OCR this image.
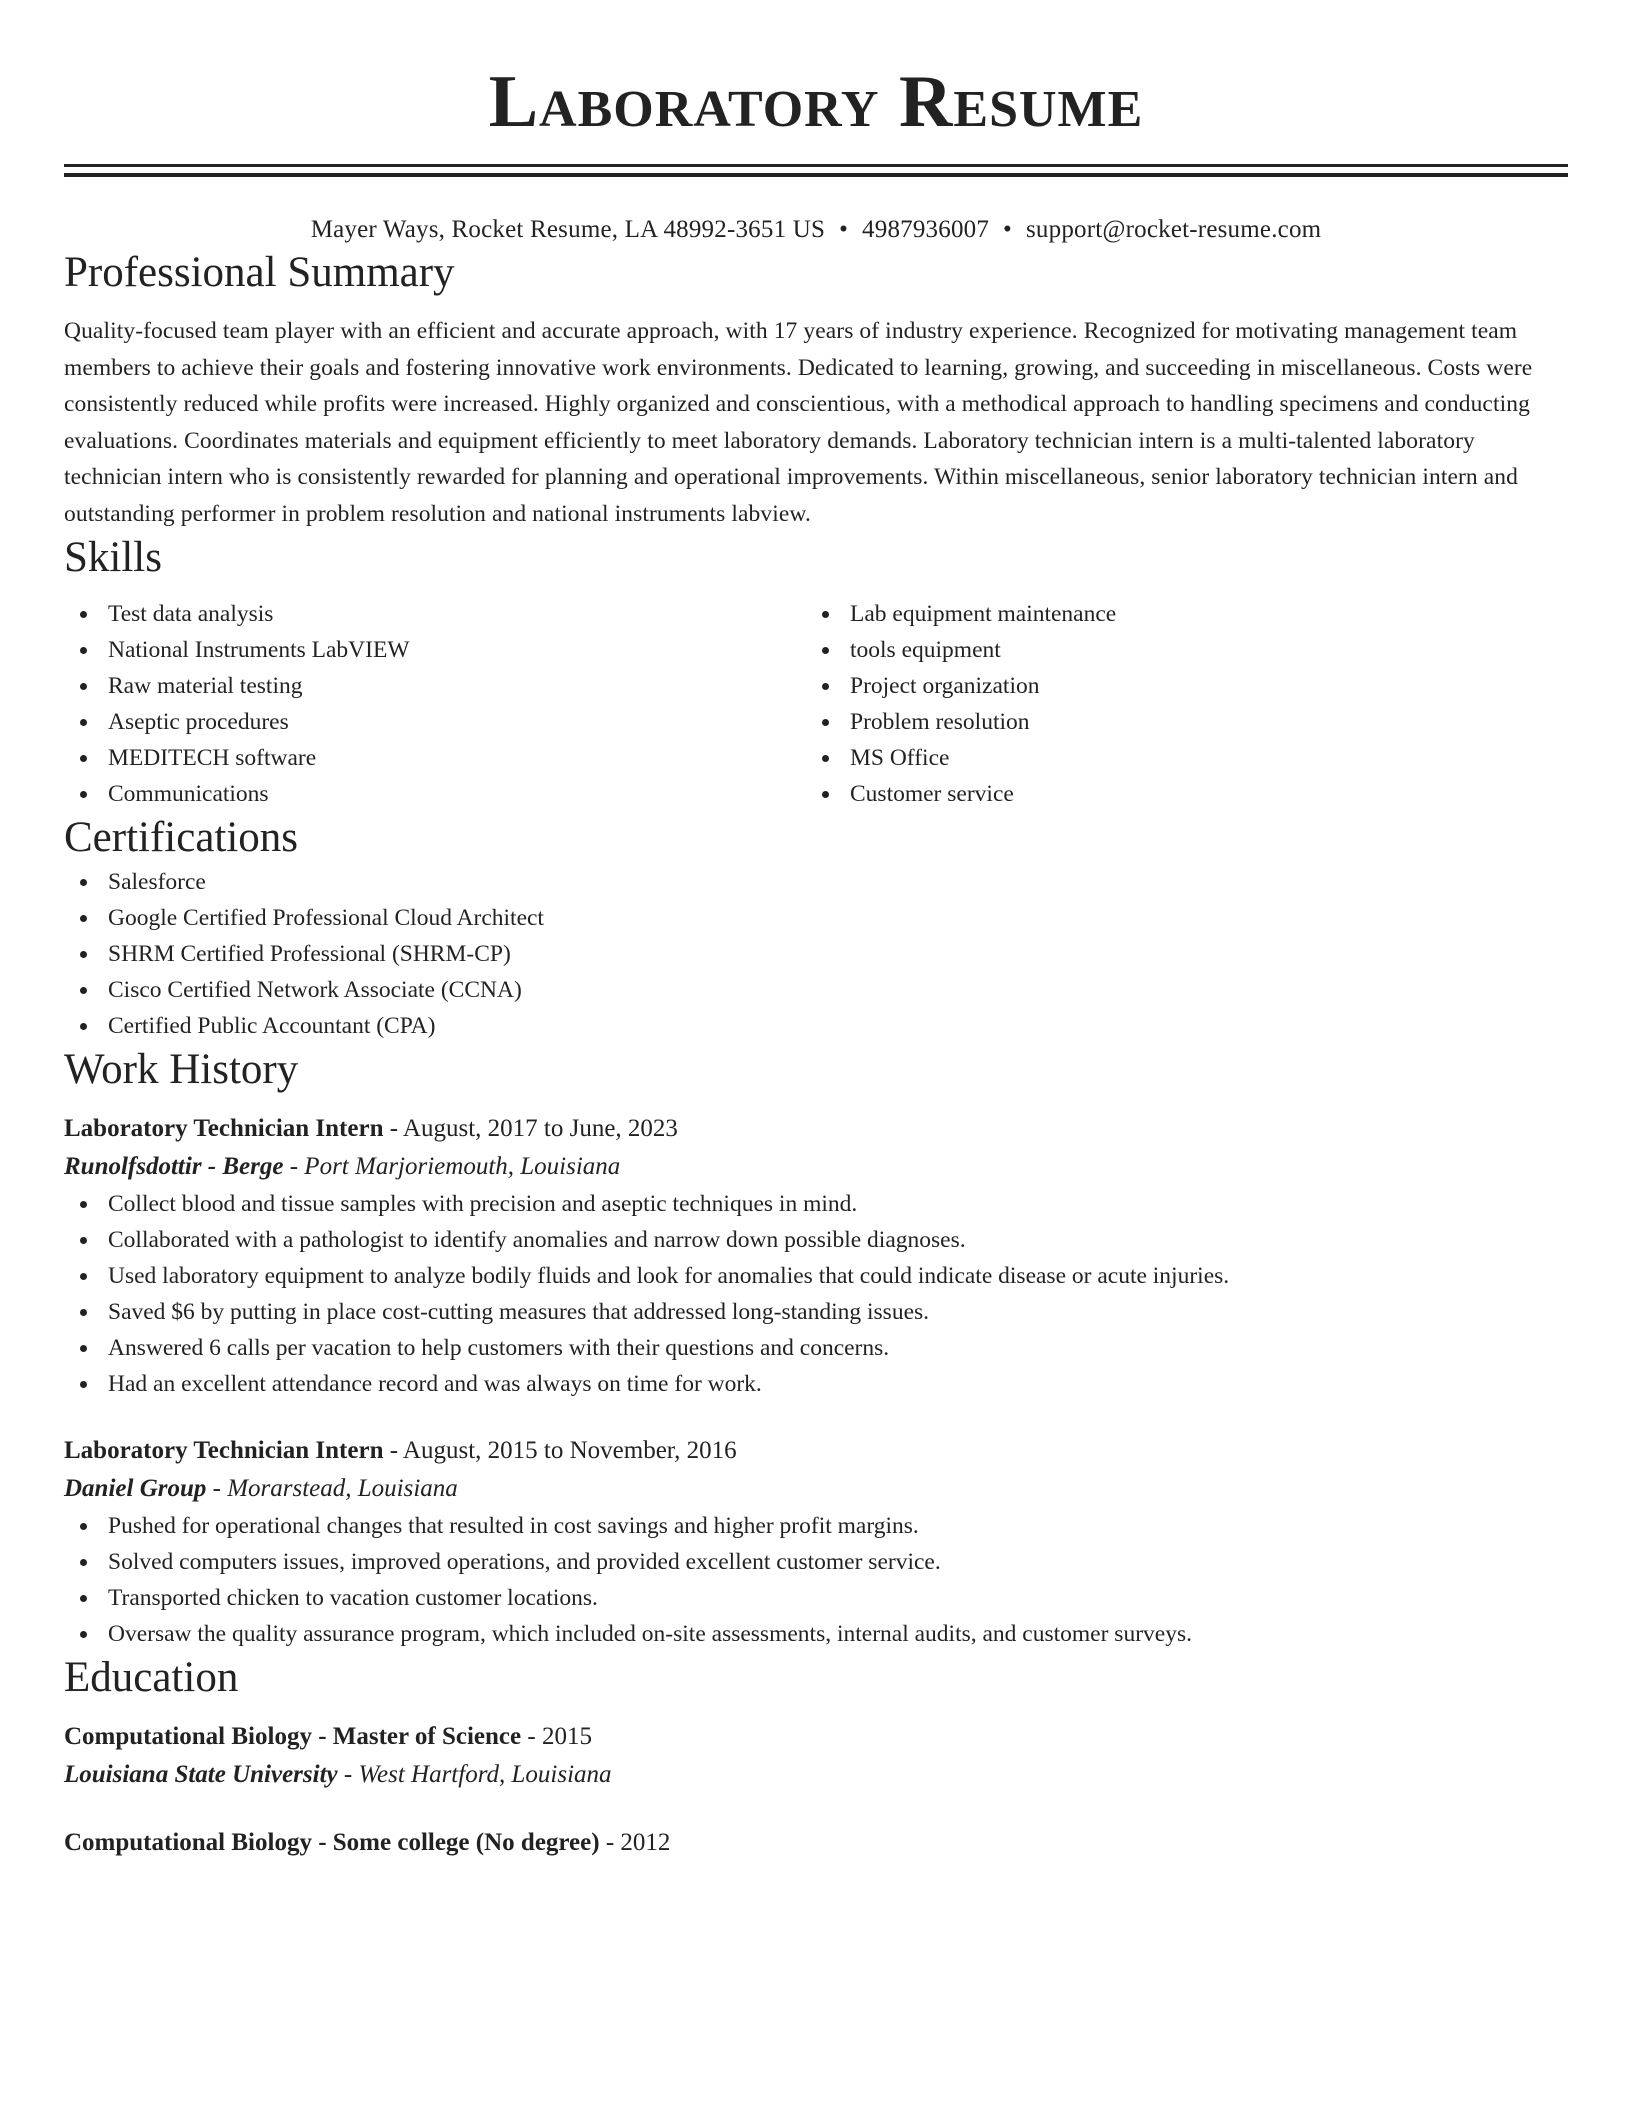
Laboratory Resume
Mayer Ways, Rocket Resume, LA 48992-3651 US • 4987936007 • support@rocket-resume.com
Professional Summary

Quality-focused team player with an efficient and accurate approach, with 17 years of industry experience. Recognized for motivating management team members to achieve their goals and fostering innovative work environments. Dedicated to learning, growing, and succeeding in miscellaneous. Costs were consistently reduced while profits were increased. Highly organized and conscientious, with a methodical approach to handling specimens and conducting evaluations. Coordinates materials and equipment efficiently to meet laboratory demands. Laboratory technician intern is a multi-talented laboratory technician intern who is consistently rewarded for planning and operational improvements. Within miscellaneous, senior laboratory technician intern and outstanding performer in problem resolution and national instruments labview.

Skills
Test data analysis
National Instruments LabVIEW
Raw material testing
Aseptic procedures
MEDITECH software
Communications
Lab equipment maintenance
tools equipment
Project organization
Problem resolution
MS Office
Customer service
Certifications
Salesforce
Google Certified Professional Cloud Architect
SHRM Certified Professional (SHRM-CP)
Cisco Certified Network Associate (CCNA)
Certified Public Accountant (CPA)
Work History
Laboratory Technician Intern - August, 2017 to June, 2023
Runolfsdottir - Berge - Port Marjoriemouth, Louisiana
Collect blood and tissue samples with precision and aseptic techniques in mind.
Collaborated with a pathologist to identify anomalies and narrow down possible diagnoses.
Used laboratory equipment to analyze bodily fluids and look for anomalies that could indicate disease or acute injuries.
Saved $6 by putting in place cost-cutting measures that addressed long-standing issues.
Answered 6 calls per vacation to help customers with their questions and concerns.
Had an excellent attendance record and was always on time for work.
Laboratory Technician Intern - August, 2015 to November, 2016
Daniel Group - Morarstead, Louisiana
Pushed for operational changes that resulted in cost savings and higher profit margins.
Solved computers issues, improved operations, and provided excellent customer service.
Transported chicken to vacation customer locations.
Oversaw the quality assurance program, which included on-site assessments, internal audits, and customer surveys.
Education
Computational Biology - Master of Science - 2015
Louisiana State University - West Hartford, Louisiana
Computational Biology - Some college (No degree) - 2012
